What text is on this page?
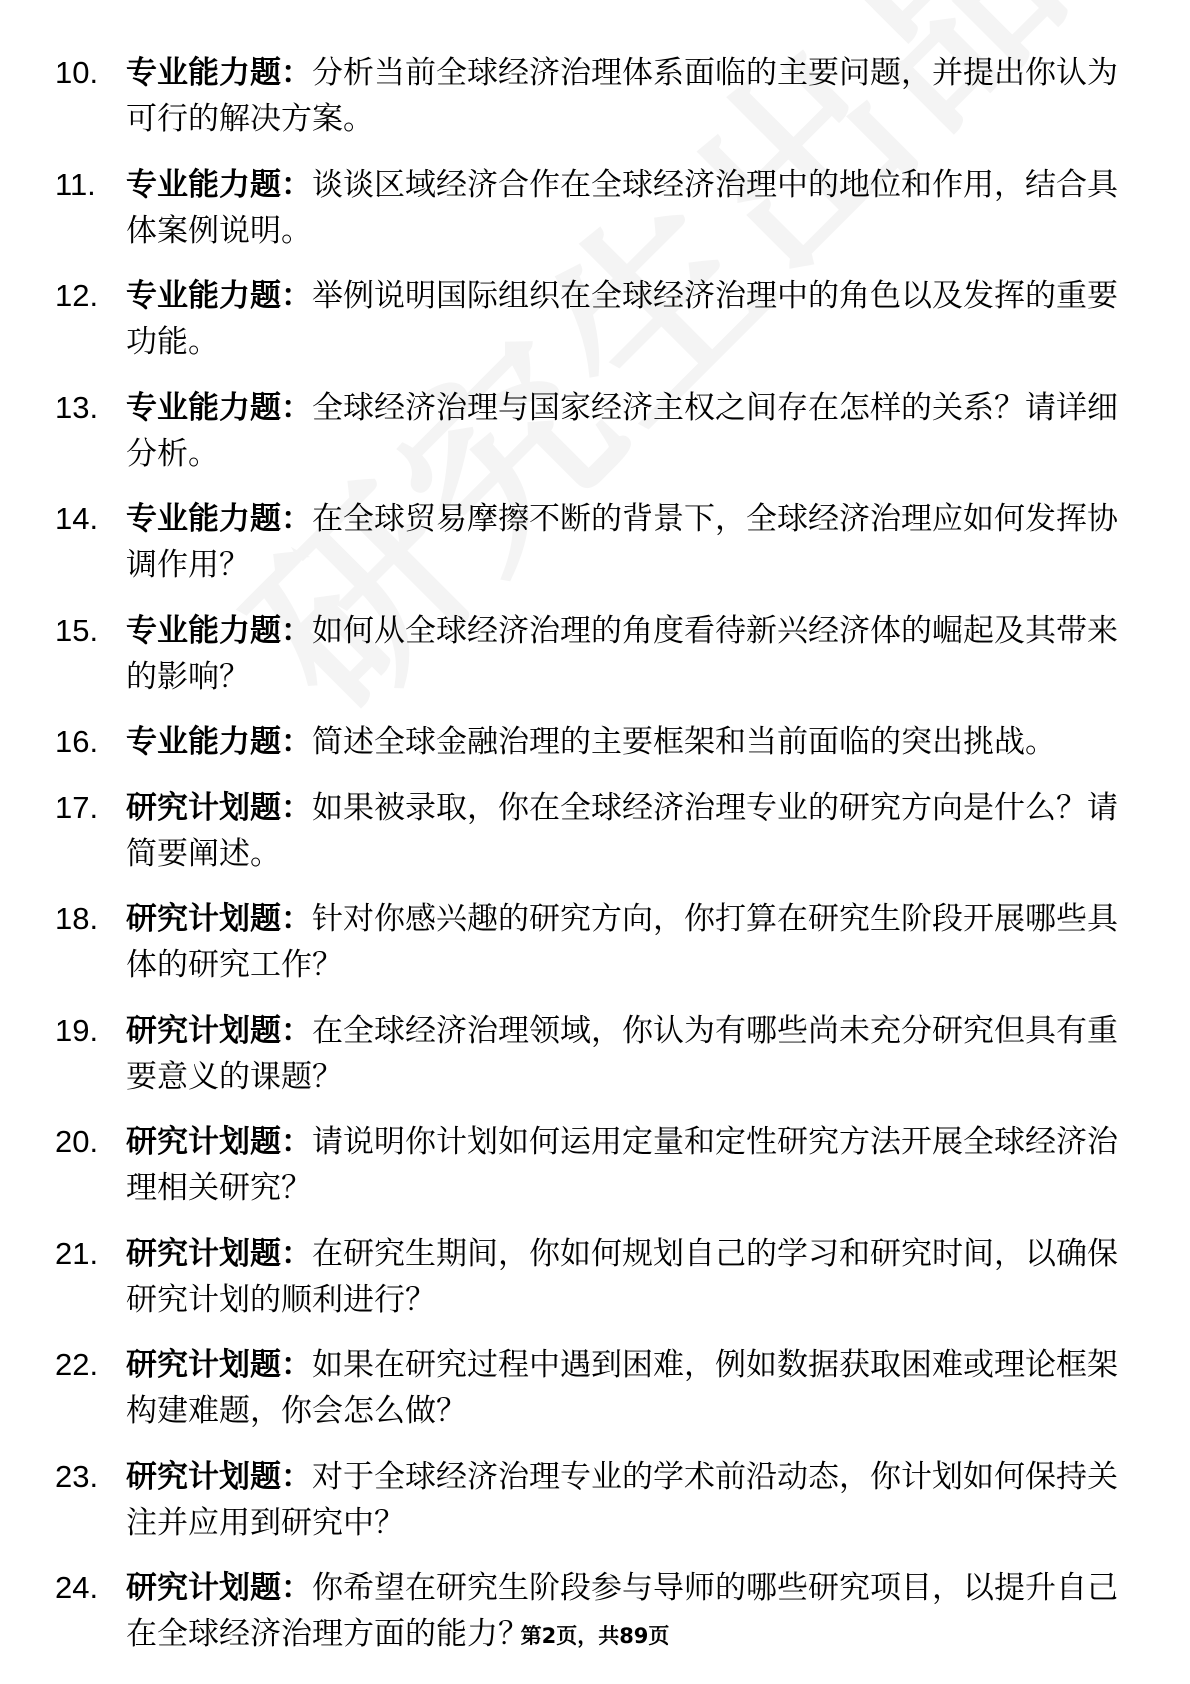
10. 专业能力题：分析当前全球经济治理体系面临的主要问题，并提出你认为可行的解决方案。
11. 专业能力题：谈谈区域经济合作在全球经济治理中的地位和作用，结合具体案例说明。
12. 专业能力题：举例说明国际组织在全球经济治理中的角色以及发挥的重要功能。
13. 专业能力题：全球经济治理与国家经济主权之间存在怎样的关系？请详细分析。
14. 专业能力题：在全球贸易摩擦不断的背景下，全球经济治理应如何发挥协调作用？
15. 专业能力题：如何从全球经济治理的角度看待新兴经济体的崛起及其带来的影响？
16. 专业能力题：简述全球金融治理的主要框架和当前面临的突出挑战。
17. 研究计划题：如果被录取，你在全球经济治理专业的研究方向是什么？请简要阐述。
18. 研究计划题：针对你感兴趣的研究方向，你打算在研究生阶段开展哪些具体的研究工作？
19. 研究计划题：在全球经济治理领域，你认为有哪些尚未充分研究但具有重要意义的课题？
20. 研究计划题：请说明你计划如何运用定量和定性研究方法开展全球经济治理相关研究？
21. 研究计划题：在研究生期间，你如何规划自己的学习和研究时间，以确保研究计划的顺利进行？
22. 研究计划题：如果在研究过程中遇到困难，例如数据获取困难或理论框架构建难题，你会怎么做？
23. 研究计划题：对于全球经济治理专业的学术前沿动态，你计划如何保持关注并应用到研究中？
24. 研究计划题：你希望在研究生阶段参与导师的哪些研究项目，以提升自己在全球经济治理方面的能力？
第2页，共89页
